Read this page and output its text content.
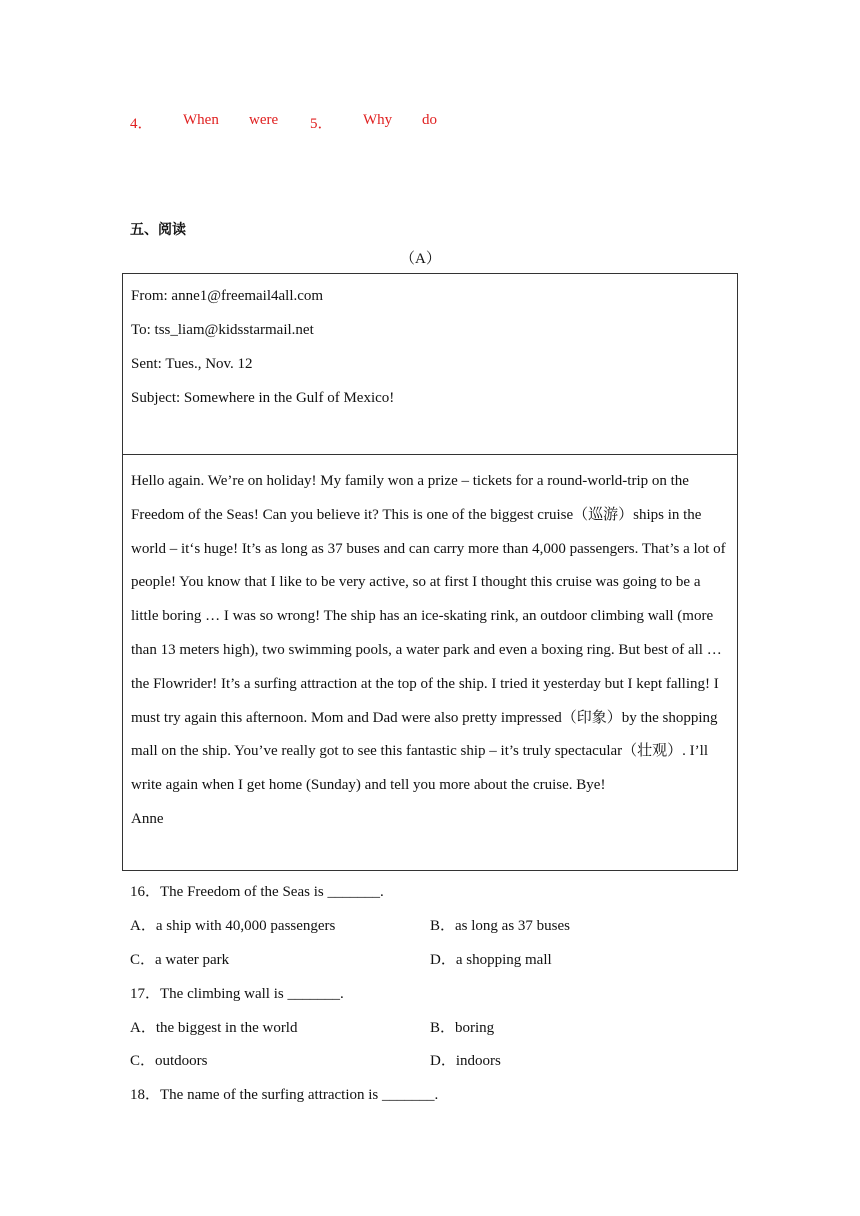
4． When were 5． Why do
五、阅读
（A）
From: anne1@freemail4all.com
To: tss_liam@kidsstarmail.net
Sent: Tues., Nov. 12
Subject: Somewhere in the Gulf of Mexico!

Hello again. We’re on holiday! My family won a prize – tickets for a round-world-trip on the Freedom of the Seas! Can you believe it? This is one of the biggest cruise（巡游）ships in the world – it‘s huge! It’s as long as 37 buses and can carry more than 4,000 passengers. That’s a lot of people! You know that I like to be very active, so at first I thought this cruise was going to be a little boring … I was so wrong! The ship has an ice-skating rink, an outdoor climbing wall (more than 13 meters high), two swimming pools, a water park and even a boxing ring. But best of all … the Flowrider! It’s a surfing attraction at the top of the ship. I tried it yesterday but I kept falling! I must try again this afternoon. Mom and Dad were also pretty impressed（印象）by the shopping mall on the ship. You’ve really got to see this fantastic ship – it’s truly spectacular（壮观）. I’ll write again when I get home (Sunday) and tell you more about the cruise. Bye!

Anne

16．The Freedom of the Seas is _______.
A．a ship with 40,000 passengers	B．as long as 37 buses
C．a water park	D．a shopping mall
17．The climbing wall is _______.
A．the biggest in the world	B．boring
C．outdoors	D．indoors
18．The name of the surfing attraction is _______.
